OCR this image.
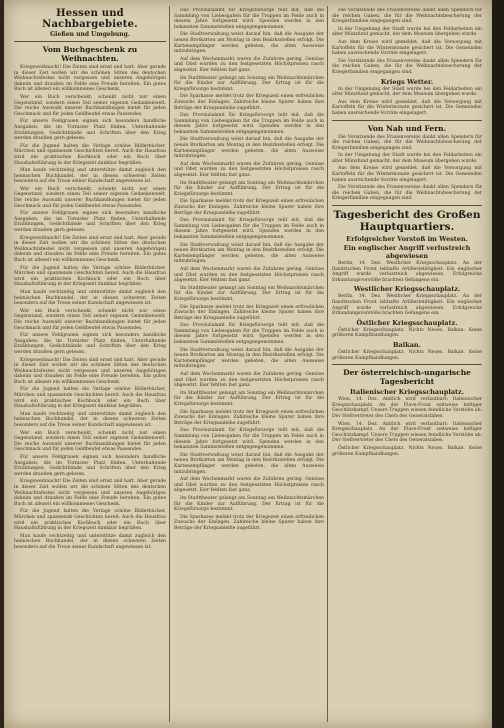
Hessen und Nachbargebiete.
Gießen und Umgebung.
Vom Buchgeschenk zu Weihnachten.

Kriegsweihnacht! Die Zeiten sind ernst und hart. Aber gerade in dieser Zeit wollen wir die schönen Sitten des deutschen Weihnachtsfestes nicht vergessen und unseren Angehörigen daheim und draußen im Felde eine Freude bereiten. Ein gutes Buch ist allezeit ein willkommenes Geschenk.

Wer ein Buch verschenkt, schenkt nicht nur einen Gegenstand, sondern einen Teil seiner eigenen Gedankenwelt. Die reiche Auswahl unserer Buchhandlungen bietet für jeden Geschmack und für jeden Geldbeutel etwas Passendes.

Für unsere Feldgrauen eignen sich besonders handliche Ausgaben, die im Tornister Platz finden. Unterhaltende Erzählungen, Gedichtbände und Schriften über den Krieg werden draußen gern gelesen.

Für die Jugend halten die Verlage schöne Bilderbücher, Märchen und spannende Geschichten bereit. Auch die Hausfrau wird ein praktisches Kochbuch oder ein Buch über Haushaltsführung in der Kriegszeit dankbar begrüßen.

Man kaufe rechtzeitig und unterstütze damit zugleich den heimischen Buchhandel, der in diesen schweren Zeiten besonders auf die Treue seiner Kundschaft angewiesen ist.

Wer ein Buch verschenkt, schenkt nicht nur einen Gegenstand, sondern einen Teil seiner eigenen Gedankenwelt. Die reiche Auswahl unserer Buchhandlungen bietet für jeden Geschmack und für jeden Geldbeutel etwas Passendes.

Für unsere Feldgrauen eignen sich besonders handliche Ausgaben, die im Tornister Platz finden. Unterhaltende Erzählungen, Gedichtbände und Schriften über den Krieg werden draußen gern gelesen.

Kriegsweihnacht! Die Zeiten sind ernst und hart. Aber gerade in dieser Zeit wollen wir die schönen Sitten des deutschen Weihnachtsfestes nicht vergessen und unseren Angehörigen daheim und draußen im Felde eine Freude bereiten. Ein gutes Buch ist allezeit ein willkommenes Geschenk.

Für die Jugend halten die Verlage schöne Bilderbücher, Märchen und spannende Geschichten bereit. Auch die Hausfrau wird ein praktisches Kochbuch oder ein Buch über Haushaltsführung in der Kriegszeit dankbar begrüßen.

Man kaufe rechtzeitig und unterstütze damit zugleich den heimischen Buchhandel, der in diesen schweren Zeiten besonders auf die Treue seiner Kundschaft angewiesen ist.

Wer ein Buch verschenkt, schenkt nicht nur einen Gegenstand, sondern einen Teil seiner eigenen Gedankenwelt. Die reiche Auswahl unserer Buchhandlungen bietet für jeden Geschmack und für jeden Geldbeutel etwas Passendes.

Für unsere Feldgrauen eignen sich besonders handliche Ausgaben, die im Tornister Platz finden. Unterhaltende Erzählungen, Gedichtbände und Schriften über den Krieg werden draußen gern gelesen.

Kriegsweihnacht! Die Zeiten sind ernst und hart. Aber gerade in dieser Zeit wollen wir die schönen Sitten des deutschen Weihnachtsfestes nicht vergessen und unseren Angehörigen daheim und draußen im Felde eine Freude bereiten. Ein gutes Buch ist allezeit ein willkommenes Geschenk.

Für die Jugend halten die Verlage schöne Bilderbücher, Märchen und spannende Geschichten bereit. Auch die Hausfrau wird ein praktisches Kochbuch oder ein Buch über Haushaltsführung in der Kriegszeit dankbar begrüßen.

Man kaufe rechtzeitig und unterstütze damit zugleich den heimischen Buchhandel, der in diesen schweren Zeiten besonders auf die Treue seiner Kundschaft angewiesen ist.

Wer ein Buch verschenkt, schenkt nicht nur einen Gegenstand, sondern einen Teil seiner eigenen Gedankenwelt. Die reiche Auswahl unserer Buchhandlungen bietet für jeden Geschmack und für jeden Geldbeutel etwas Passendes.

Für unsere Feldgrauen eignen sich besonders handliche Ausgaben, die im Tornister Platz finden. Unterhaltende Erzählungen, Gedichtbände und Schriften über den Krieg werden draußen gern gelesen.

Kriegsweihnacht! Die Zeiten sind ernst und hart. Aber gerade in dieser Zeit wollen wir die schönen Sitten des deutschen Weihnachtsfestes nicht vergessen und unseren Angehörigen daheim und draußen im Felde eine Freude bereiten. Ein gutes Buch ist allezeit ein willkommenes Geschenk.

Für die Jugend halten die Verlage schöne Bilderbücher, Märchen und spannende Geschichten bereit. Auch die Hausfrau wird ein praktisches Kochbuch oder ein Buch über Haushaltsführung in der Kriegszeit dankbar begrüßen.

Man kaufe rechtzeitig und unterstütze damit zugleich den heimischen Buchhandel, der in diesen schweren Zeiten besonders auf die Treue seiner Kundschaft angewiesen ist.

Das Provinzialamt für Kriegsfürsorge teilt mit, daß die Sammlung von Liebesgaben für die Truppen im Felde auch in diesem Jahre fortgesetzt wird. Spenden werden in den bekannten Sammelstellen entgegengenommen.

Die Stadtverwaltung weist darauf hin, daß die Ausgabe der neuen Brotkarten am Montag in den Bezirksstellen erfolgt. Die Kartenempfänger werden gebeten, die alten Ausweise mitzubringen.

Auf dem Wochenmarkt waren die Zufuhren gering. Gemüse und Obst wurden zu den festgesetzten Höchstpreisen rasch abgesetzt. Eier fehlten fast ganz.

Im Stadttheater gelangt am Sonntag ein Weihnachtsmärchen für die Kinder zur Aufführung. Der Ertrag ist für die Kriegsfürsorge bestimmt.

Die Sparkasse meldet trotz der Kriegszeit einen erfreulichen Zuwachs der Einlagen. Zahlreiche kleine Sparer haben ihre Beträge der Kriegsanleihe zugeführt.

Das Provinzialamt für Kriegsfürsorge teilt mit, daß die Sammlung von Liebesgaben für die Truppen im Felde auch in diesem Jahre fortgesetzt wird. Spenden werden in den bekannten Sammelstellen entgegengenommen.

Die Stadtverwaltung weist darauf hin, daß die Ausgabe der neuen Brotkarten am Montag in den Bezirksstellen erfolgt. Die Kartenempfänger werden gebeten, die alten Ausweise mitzubringen.

Auf dem Wochenmarkt waren die Zufuhren gering. Gemüse und Obst wurden zu den festgesetzten Höchstpreisen rasch abgesetzt. Eier fehlten fast ganz.

Im Stadttheater gelangt am Sonntag ein Weihnachtsmärchen für die Kinder zur Aufführung. Der Ertrag ist für die Kriegsfürsorge bestimmt.

Die Sparkasse meldet trotz der Kriegszeit einen erfreulichen Zuwachs der Einlagen. Zahlreiche kleine Sparer haben ihre Beträge der Kriegsanleihe zugeführt.

Das Provinzialamt für Kriegsfürsorge teilt mit, daß die Sammlung von Liebesgaben für die Truppen im Felde auch in diesem Jahre fortgesetzt wird. Spenden werden in den bekannten Sammelstellen entgegengenommen.

Die Stadtverwaltung weist darauf hin, daß die Ausgabe der neuen Brotkarten am Montag in den Bezirksstellen erfolgt. Die Kartenempfänger werden gebeten, die alten Ausweise mitzubringen.

Auf dem Wochenmarkt waren die Zufuhren gering. Gemüse und Obst wurden zu den festgesetzten Höchstpreisen rasch abgesetzt. Eier fehlten fast ganz.

Im Stadttheater gelangt am Sonntag ein Weihnachtsmärchen für die Kinder zur Aufführung. Der Ertrag ist für die Kriegsfürsorge bestimmt.

Die Sparkasse meldet trotz der Kriegszeit einen erfreulichen Zuwachs der Einlagen. Zahlreiche kleine Sparer haben ihre Beträge der Kriegsanleihe zugeführt.

Das Provinzialamt für Kriegsfürsorge teilt mit, daß die Sammlung von Liebesgaben für die Truppen im Felde auch in diesem Jahre fortgesetzt wird. Spenden werden in den bekannten Sammelstellen entgegengenommen.

Die Stadtverwaltung weist darauf hin, daß die Ausgabe der neuen Brotkarten am Montag in den Bezirksstellen erfolgt. Die Kartenempfänger werden gebeten, die alten Ausweise mitzubringen.

Auf dem Wochenmarkt waren die Zufuhren gering. Gemüse und Obst wurden zu den festgesetzten Höchstpreisen rasch abgesetzt. Eier fehlten fast ganz.

Im Stadttheater gelangt am Sonntag ein Weihnachtsmärchen für die Kinder zur Aufführung. Der Ertrag ist für die Kriegsfürsorge bestimmt.

Die Sparkasse meldet trotz der Kriegszeit einen erfreulichen Zuwachs der Einlagen. Zahlreiche kleine Sparer haben ihre Beträge der Kriegsanleihe zugeführt.

Das Provinzialamt für Kriegsfürsorge teilt mit, daß die Sammlung von Liebesgaben für die Truppen im Felde auch in diesem Jahre fortgesetzt wird. Spenden werden in den bekannten Sammelstellen entgegengenommen.

Die Stadtverwaltung weist darauf hin, daß die Ausgabe der neuen Brotkarten am Montag in den Bezirksstellen erfolgt. Die Kartenempfänger werden gebeten, die alten Ausweise mitzubringen.

Auf dem Wochenmarkt waren die Zufuhren gering. Gemüse und Obst wurden zu den festgesetzten Höchstpreisen rasch abgesetzt. Eier fehlten fast ganz.

Im Stadttheater gelangt am Sonntag ein Weihnachtsmärchen für die Kinder zur Aufführung. Der Ertrag ist für die Kriegsfürsorge bestimmt.

Die Sparkasse meldet trotz der Kriegszeit einen erfreulichen Zuwachs der Einlagen. Zahlreiche kleine Sparer haben ihre Beträge der Kriegsanleihe zugeführt.

Die Vorsitzende des Frauenvereins dankt allen Spendern für die reichen Gaben, die für die Weihnachtsbescherung der Kriegerfamilien eingegangen sind.

In der Umgebung der Stadt wurde bei den Feldarbeiten ein alter Münzfund gemacht, der dem Museum übergeben wurde.

Aus dem Kreise wird gemeldet, daß die Versorgung mit Kartoffeln für die Wintermonate gesichert ist. Die Gemeinden haben ausreichende Vorräte eingelagert.

Die Vorsitzende des Frauenvereins dankt allen Spendern für die reichen Gaben, die für die Weihnachtsbescherung der Kriegerfamilien eingegangen sind.

Kriegs Wetter.

In der Umgebung der Stadt wurde bei den Feldarbeiten ein alter Münzfund gemacht, der dem Museum übergeben wurde.

Aus dem Kreise wird gemeldet, daß die Versorgung mit Kartoffeln für die Wintermonate gesichert ist. Die Gemeinden haben ausreichende Vorräte eingelagert.

Von Nah und Fern.

Die Vorsitzende des Frauenvereins dankt allen Spendern für die reichen Gaben, die für die Weihnachtsbescherung der Kriegerfamilien eingegangen sind.

In der Umgebung der Stadt wurde bei den Feldarbeiten ein alter Münzfund gemacht, der dem Museum übergeben wurde.

Aus dem Kreise wird gemeldet, daß die Versorgung mit Kartoffeln für die Wintermonate gesichert ist. Die Gemeinden haben ausreichende Vorräte eingelagert.

Die Vorsitzende des Frauenvereins dankt allen Spendern für die reichen Gaben, die für die Weihnachtsbescherung der Kriegerfamilien eingegangen sind.

Tagesbericht des Großen Hauptquartiers.
Erfolgreicher Vorstoß im Westen.
Ein englischer Angriff verlustreich abgewiesen

Berlin, 14. Dez. Westlicher Kriegsschauplatz. An der flandrischen Front lebhafte Artillerietätigkeit. Ein englischer Angriff wurde verlustreich abgewiesen. Erfolgreiche Erkundungsvorstöße brachten Gefangene ein.

Westlicher Kriegsschauplatz.

Berlin, 14. Dez. Westlicher Kriegsschauplatz. An der flandrischen Front lebhafte Artillerietätigkeit. Ein englischer Angriff wurde verlustreich abgewiesen. Erfolgreiche Erkundungsvorstöße brachten Gefangene ein.

Östlicher Kriegsschauplatz.

Östlicher Kriegsschauplatz. Nichts Neues. Balkan. Keine größeren Kampfhandlungen.

Balkan.

Östlicher Kriegsschauplatz. Nichts Neues. Balkan. Keine größeren Kampfhandlungen.

Der österreichisch-ungarische Tagesbericht
Italienischer Kriegsschauplatz.

Wien, 14. Dez. Amtlich wird verlautbart: Italienischer Kriegsschauplatz. An der Piave-Front zeitweise heftiger Geschützkampf. Unsere Truppen wiesen feindliche Vorstöße ab. Der Stellvertreter des Chefs des Generalstabes.

Wien, 14. Dez. Amtlich wird verlautbart: Italienischer Kriegsschauplatz. An der Piave-Front zeitweise heftiger Geschützkampf. Unsere Truppen wiesen feindliche Vorstöße ab. Der Stellvertreter des Chefs des Generalstabes.

Östlicher Kriegsschauplatz. Nichts Neues. Balkan. Keine größeren Kampfhandlungen.
